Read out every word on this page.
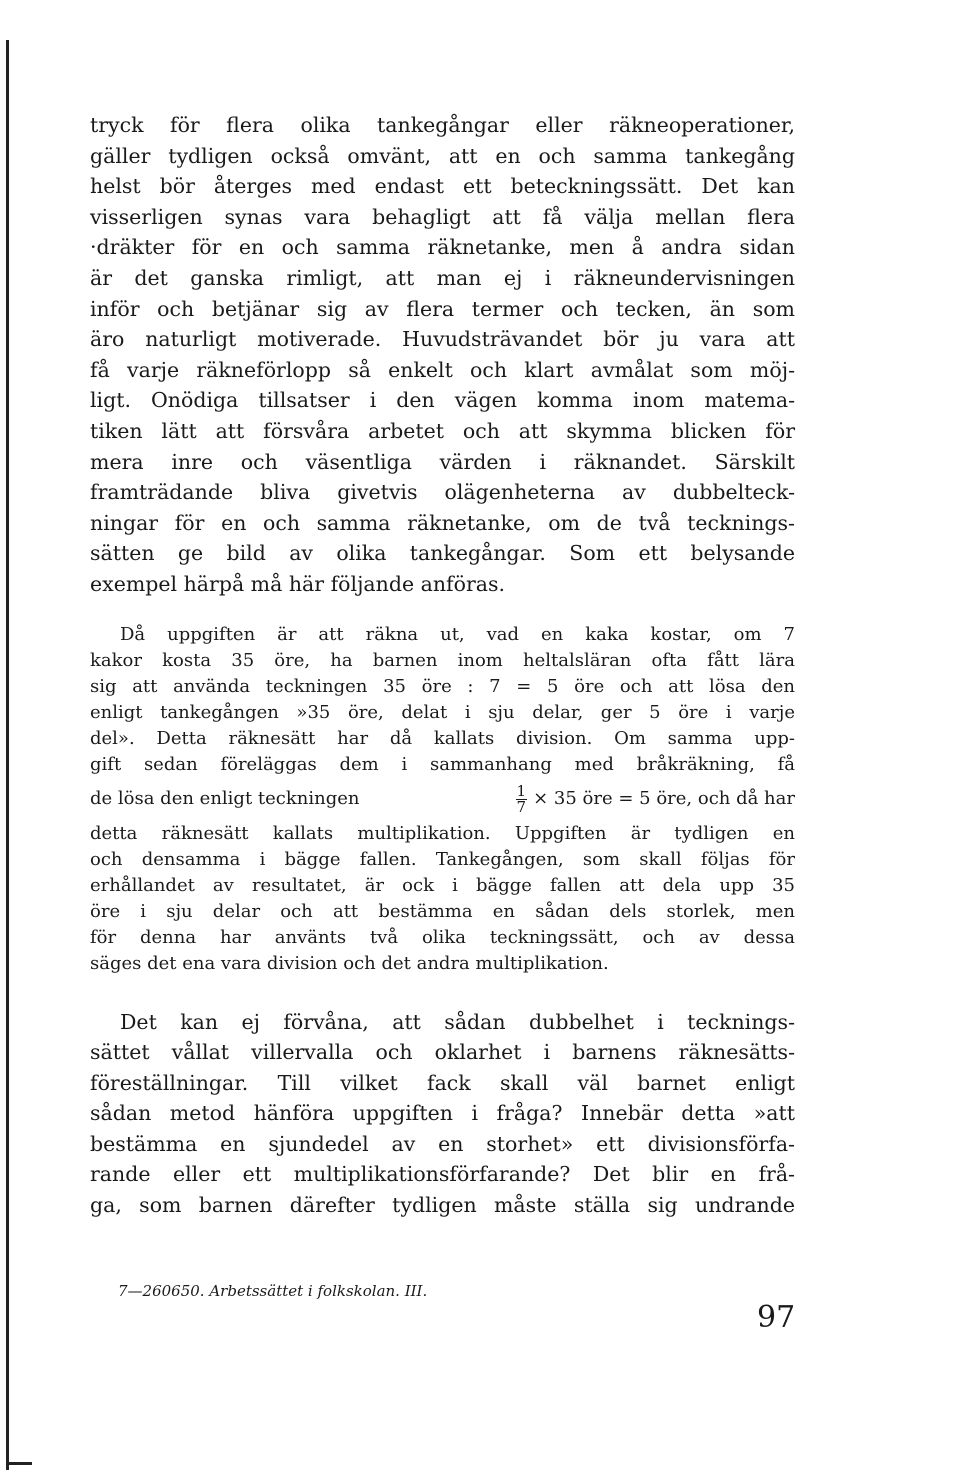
tryck för flera olika tankegångar eller räkneoperationer,
gäller tydligen också omvänt, att en och samma tankegång
helst bör återges med endast ett beteckningssätt. Det kan
visserligen synas vara behagligt att få välja mellan flera
·dräkter för en och samma räknetanke, men å andra sidan
är det ganska rimligt, att man ej i räkneundervisningen
inför och betjänar sig av flera termer och tecken, än som
äro naturligt motiverade. Huvudsträvandet bör ju vara att
få varje räkneförlopp så enkelt och klart avmålat som möj-
ligt. Onödiga tillsatser i den vägen komma inom matema-
tiken lätt att försvåra arbetet och att skymma blicken för
mera inre och väsentliga värden i räknandet. Särskilt
framträdande bliva givetvis olägenheterna av dubbelteck-
ningar för en och samma räknetanke, om de två tecknings-
sätten ge bild av olika tankegångar. Som ett belysande
exempel härpå må här följande anföras.
Då uppgiften är att räkna ut, vad en kaka kostar, om 7
kakor kosta 35 öre, ha barnen inom heltalsläran ofta fått lära
sig att använda teckningen 35 öre : 7 = 5 öre och att lösa den
enligt tankegången »35 öre, delat i sju delar, ger 5 öre i varje
del». Detta räknesätt har då kallats division. Om samma upp-
gift sedan föreläggas dem i sammanhang med bråkräkning, få
de lösa den enligt teckningen	$\frac{1}{7} \times 35$ öre = 5 öre, och då har
detta räknesätt kallats multiplikation. Uppgiften är tydligen en
och densamma i bägge fallen. Tankegången, som skall följas för
erhållandet av resultatet, är ock i bägge fallen att dela upp 35
öre i sju delar och att bestämma en sådan dels storlek, men
för denna har använts två olika teckningssätt, och av dessa
säges det ena vara division och det andra multiplikation.
Det kan ej förvåna, att sådan dubbelhet i tecknings-
sättet vållat villervalla och oklarhet i barnens räknesätts-
föreställningar. Till vilket fack skall väl barnet enligt
sådan metod hänföra uppgiften i fråga? Innebär detta »att
bestämma en sjundedel av en storhet» ett divisionsförfa-
rande eller ett multiplikationsförfarande? Det blir en frå-
ga, som barnen därefter tydligen måste ställa sig undrande
7—260650. Arbetssättet i folkskolan. III.
97
